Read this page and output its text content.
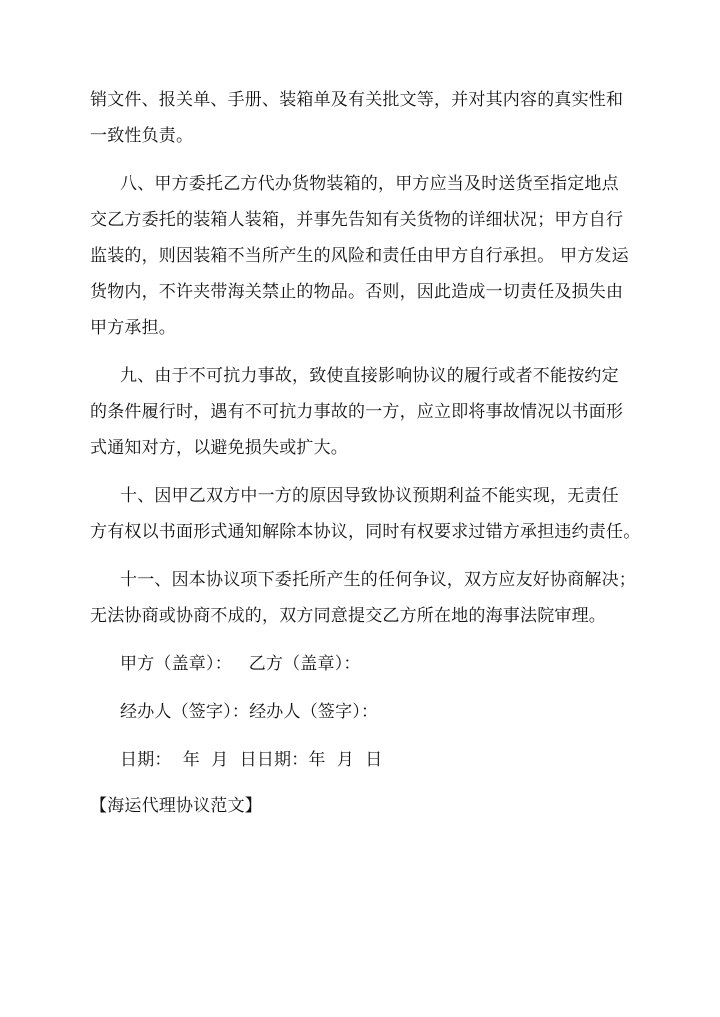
销文件、报关单、手册、装箱单及有关批文等，并对其内容的真实性和
一致性负责。
八、甲方委托乙方代办货物装箱的，甲方应当及时送货至指定地点
交乙方委托的装箱人装箱，并事先告知有关货物的详细状况；甲方自行
监装的，则因装箱不当所产生的风险和责任由甲方自行承担。 甲方发运
货物内，不许夹带海关禁止的物品。否则，因此造成一切责任及损失由
甲方承担。
九、由于不可抗力事故，致使直接影响协议的履行或者不能按约定
的条件履行时，遇有不可抗力事故的一方，应立即将事故情况以书面形
式通知对方，以避免损失或扩大。
十、因甲乙双方中一方的原因导致协议预期利益不能实现，无责任
方有权以书面形式通知解除本协议，同时有权要求过错方承担违约责任。
十一、因本协议项下委托所产生的任何争议，双方应友好协商解决；
无法协商或协商不成的，双方同意提交乙方所在地的海事法院审理。
甲方（盖章）：   乙方（盖章）：
经办人（签字）：经办人（签字）：
日期：  年  月  日日期：年  月  日
【海运代理协议范文】
